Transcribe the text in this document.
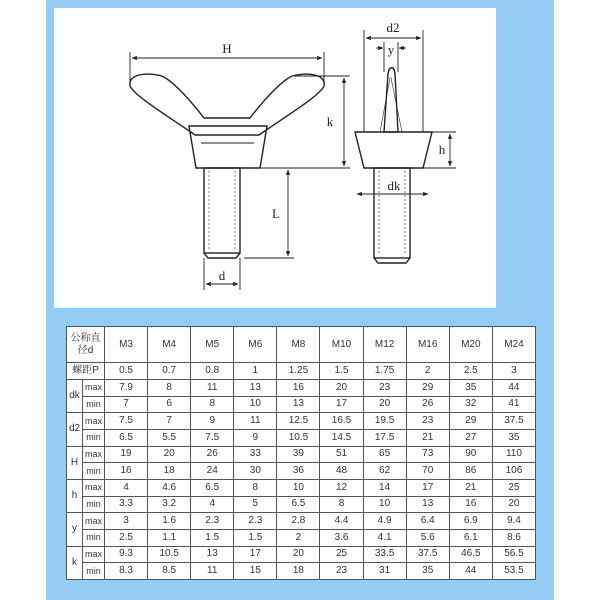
H
k
L
d
d2
y
h
dk
公称直
径d		M3	M4	M5	M6	M8	M10	M12	M16	M20	M24
螺距P		0.5	0.7	0.8	1	1.25	1.5	1.75	2	2.5	3
dk	max	7.9	8	11	13	16	20	23	29	35	44
	min	7	6	8	10	13	17	20	26	32	41
d2	max	7.5	7	9	11	12.5	16.5	19.5	23	29	37.5
	min	6.5	5.5	7.5	9	10.5	14.5	17.5	21	27	35
H	max	19	20	26	33	39	51	65	73	90	110
	min	16	18	24	30	36	48	62	70	86	106
h	max	4	4.6	6.5	8	10	12	14	17	21	25
	min	3.3	3.2	4	5	6.5	8	10	13	16	20
y	max	3	1.6	2.3	2.3	2.8	4.4	4.9	6.4	6.9	9.4
	min	2.5	1.1	1.5	1.5	2	3.6	4.1	5.6	6.1	8.6
k	max	9.3	10.5	13	17	20	25	33.5	37.5	46.5	56.5
	min	8.3	8.5	11	15	18	23	31	35	44	53.5
